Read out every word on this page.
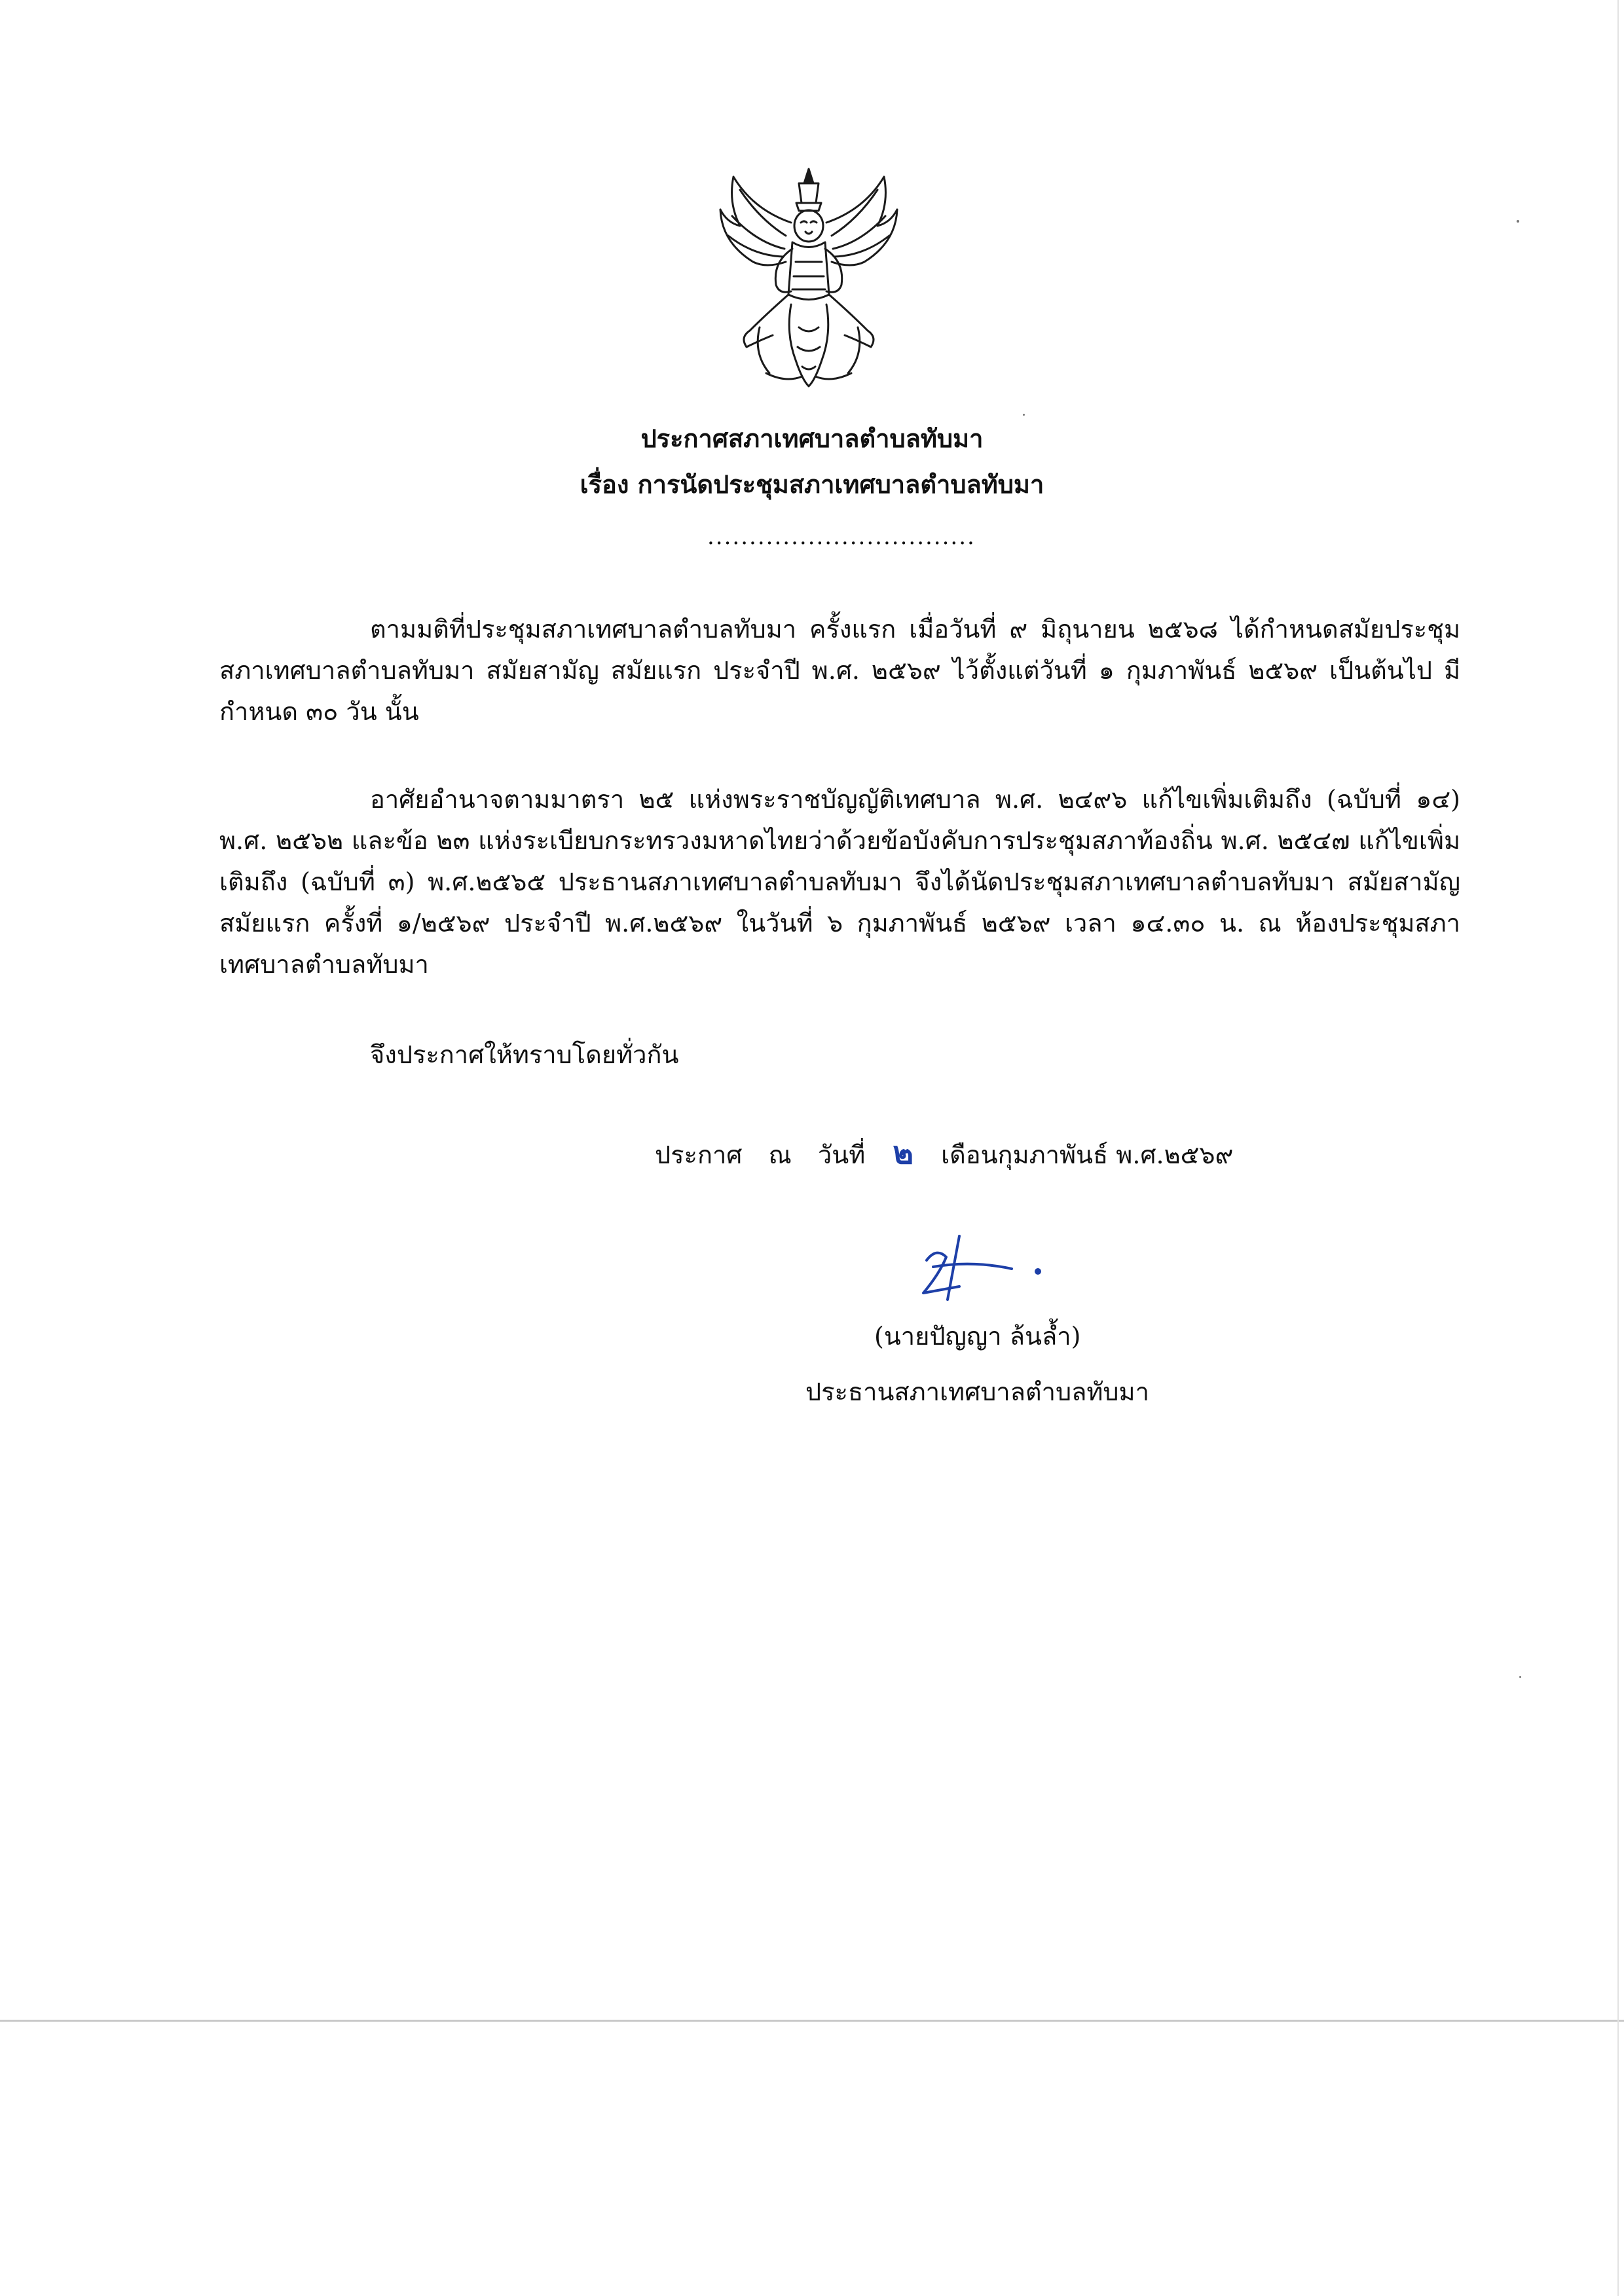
ประกาศสภาเทศบาลตำบลทับมา
เรื่อง การนัดประชุมสภาเทศบาลตำบลทับมา
................................

ตามมติที่ประชุมสภาเทศบาลตำบลทับมา ครั้งแรก เมื่อวันที่ ๙ มิถุนายน ๒๕๖๘ ได้กำหนดสมัยประชุมสภาเทศบาลตำบลทับมา สมัยสามัญ สมัยแรก ประจำปี พ.ศ. ๒๕๖๙ ไว้ตั้งแต่วันที่ ๑ กุมภาพันธ์ ๒๕๖๙ เป็นต้นไป มีกำหนด ๓๐ วัน นั้น

อาศัยอำนาจตามมาตรา ๒๕ แห่งพระราชบัญญัติเทศบาล พ.ศ. ๒๔๙๖ แก้ไขเพิ่มเติมถึง (ฉบับที่ ๑๔) พ.ศ. ๒๕๖๒ และข้อ ๒๓ แห่งระเบียบกระทรวงมหาดไทยว่าด้วยข้อบังคับการประชุมสภาท้องถิ่น พ.ศ. ๒๕๔๗ แก้ไขเพิ่มเติมถึง (ฉบับที่ ๓) พ.ศ.๒๕๖๕ ประธานสภาเทศบาลตำบลทับมา จึงได้นัดประชุมสภาเทศบาลตำบลทับมา สมัยสามัญ สมัยแรก ครั้งที่ ๑/๒๕๖๙ ประจำปี พ.ศ.๒๕๖๙ ในวันที่ ๖ กุมภาพันธ์ ๒๕๖๙ เวลา ๑๔.๓๐ น. ณ ห้องประชุมสภาเทศบาลตำบลทับมา

จึงประกาศให้ทราบโดยทั่วกัน
ประกาศ ณ วันที่ ๒ เดือนกุมภาพันธ์ พ.ศ.๒๕๖๙
(นายปัญญา ล้นล้ำ)
ประธานสภาเทศบาลตำบลทับมา
